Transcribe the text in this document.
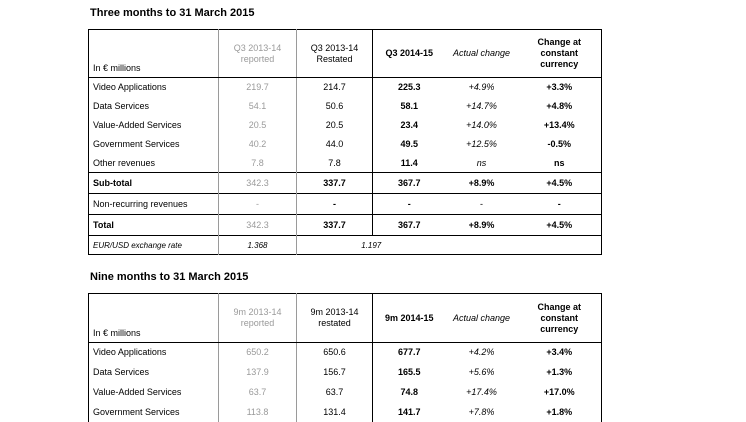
Three months to 31 March 2015
In € millions	Q3 2013-14 reported	Q3 2013-14 Restated	Q3 2014-15	Actual change	Change at constant currency
Video Applications	219.7	214.7	225.3	+4.9%	+3.3%
Data Services	54.1	50.6	58.1	+14.7%	+4.8%
Value-Added Services	20.5	20.5	23.4	+14.0%	+13.4%
Government Services	40.2	44.0	49.5	+12.5%	-0.5%
Other revenues	7.8	7.8	11.4	ns	ns
Sub-total	342.3	337.7	367.7	+8.9%	+4.5%
Non-recurring revenues	-	-	-	-	-
Total	342.3	337.7	367.7	+8.9%	+4.5%
EUR/USD exchange rate	1.368	1.197			
Nine months to 31 March 2015
In € millions	9m 2013-14 reported	9m 2013-14 restated	9m 2014-15	Actual change	Change at constant currency
Video Applications	650.2	650.6	677.7	+4.2%	+3.4%
Data Services	137.9	156.7	165.5	+5.6%	+1.3%
Value-Added Services	63.7	63.7	74.8	+17.4%	+17.0%
Government Services	113.8	131.4	141.7	+7.8%	+1.8%
